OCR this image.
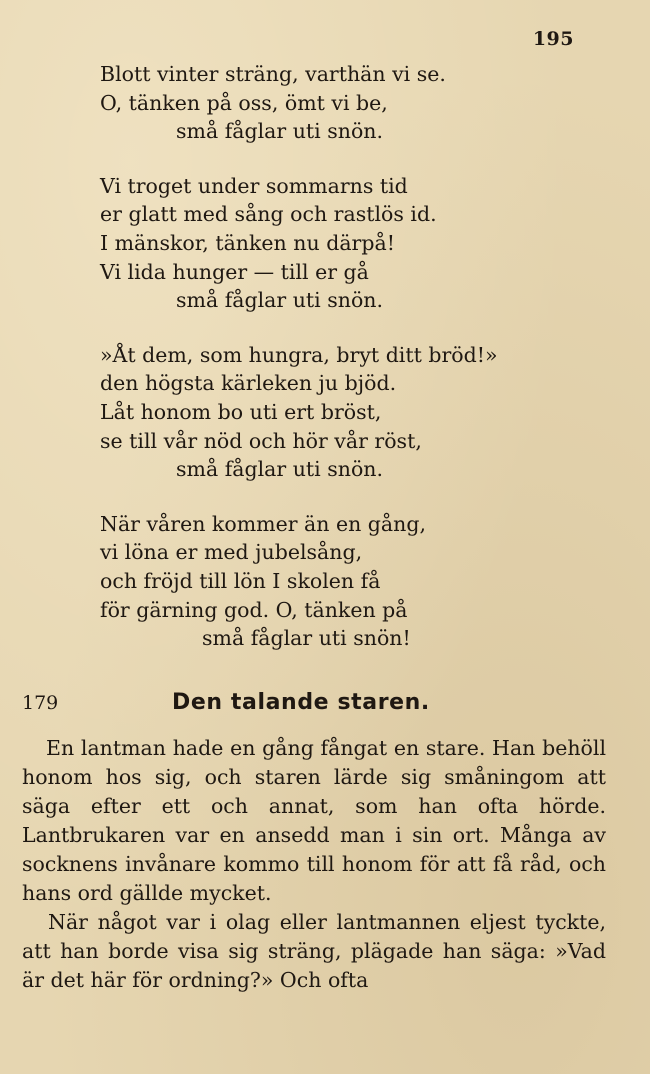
195
Blott vinter sträng, varthän vi se.
O, tänken på oss, ömt vi be,
små fåglar uti snön.
Vi troget under sommarns tid
er glatt med sång och rastlös id.
I mänskor, tänken nu därpå!
Vi lida hunger — till er gå
små fåglar uti snön.
»Åt dem, som hungra, bryt ditt bröd!»
den högsta kärleken ju bjöd.
Låt honom bo uti ert bröst,
se till vår nöd och hör vår röst,
små fåglar uti snön.
När våren kommer än en gång,
vi löna er med jubelsång,
och fröjd till lön I skolen få
för gärning god. O, tänken på
små fåglar uti snön!
179	Den talande staren.

En lantman hade en gång fångat en stare. Han behöll honom hos sig, och staren lärde sig småningom att säga efter ett och annat, som han ofta hörde. Lantbrukaren var en ansedd man i sin ort. Många av socknens invånare kommo till honom för att få råd, och hans ord gällde mycket.

När något var i olag eller lantmannen eljest tyckte, att han borde visa sig sträng, plägade han säga: »Vad är det här för ordning?» Och ofta
